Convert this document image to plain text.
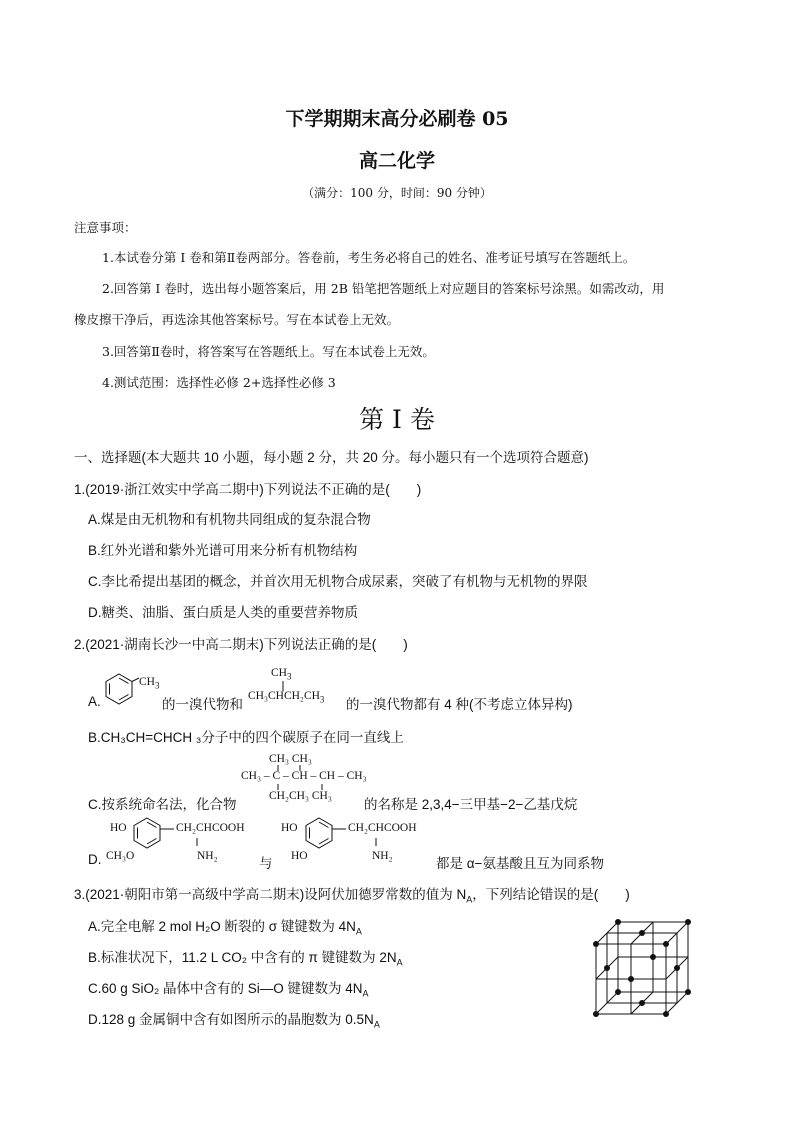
下学期期末高分必刷卷 05
高二化学
（满分：100 分，时间：90 分钟）
注意事项：
1.本试卷分第 Ⅰ 卷和第Ⅱ卷两部分。答卷前，考生务必将自己的姓名、准考证号填写在答题纸上。
2.回答第 Ⅰ 卷时，选出每小题答案后，用 2B 铅笔把答题纸上对应题目的答案标号涂黑。如需改动，用
橡皮擦干净后，再选涂其他答案标号。写在本试卷上无效。
3.回答第Ⅱ卷时，将答案写在答题纸上。写在本试卷上无效。
4.测试范围：选择性必修 2+选择性必修 3
第 I 卷
一、选择题(本大题共 10 小题，每小题 2 分，共 20 分。每小题只有一个选项符合题意)
1.(2019·浙江效实中学高二期中)下列说法不正确的是(　　)
A.煤是由无机物和有机物共同组成的复杂混合物
B.红外光谱和紫外光谱可用来分析有机物结构
C.李比希提出基团的概念，并首次用无机物合成尿素，突破了有机物与无机物的界限
D.糖类、油脂、蛋白质是人类的重要营养物质
2.(2021·湖南长沙一中高二期末)下列说法正确的是(　　)
A.
$CH_3$
的一溴代物和
$CH_3$
$CH_3CHCH_2CH_3$ 的一溴代物都有 4 种(不考虑立体异构)
B.CH₃CH=CHCH ₃分子中的四个碳原子在同一直线上
CH₃ CH₃
CH₃ ‒ C ‒ CH ‒ CH ‒ CH₃
CH₂CH₃ CH₃
C.按系统命名法，化合物	的名称是 2,3,4−三甲基−2−乙基戊烷
D.
HO	CH₂CHCOOH
CH₃O	NH₂	与
HO	CH₂CHCOOH
HO	NH₂	都是 α−氨基酸且互为同系物
3.(2021·朝阳市第一高级中学高二期末)设阿伏加德罗常数的值为 $N_A$，下列结论错误的是(　　)
A.完全电解 2 mol H₂O 断裂的 σ 键键数为 $4N_A$
B.标准状况下，11.2 L CO₂ 中含有的 π 键键数为 $2N_A$
C.60 g SiO₂ 晶体中含有的 Si—O 键键数为 $4N_A$
D.128 g 金属铜中含有如图所示的晶胞数为 $0.5N_A$
